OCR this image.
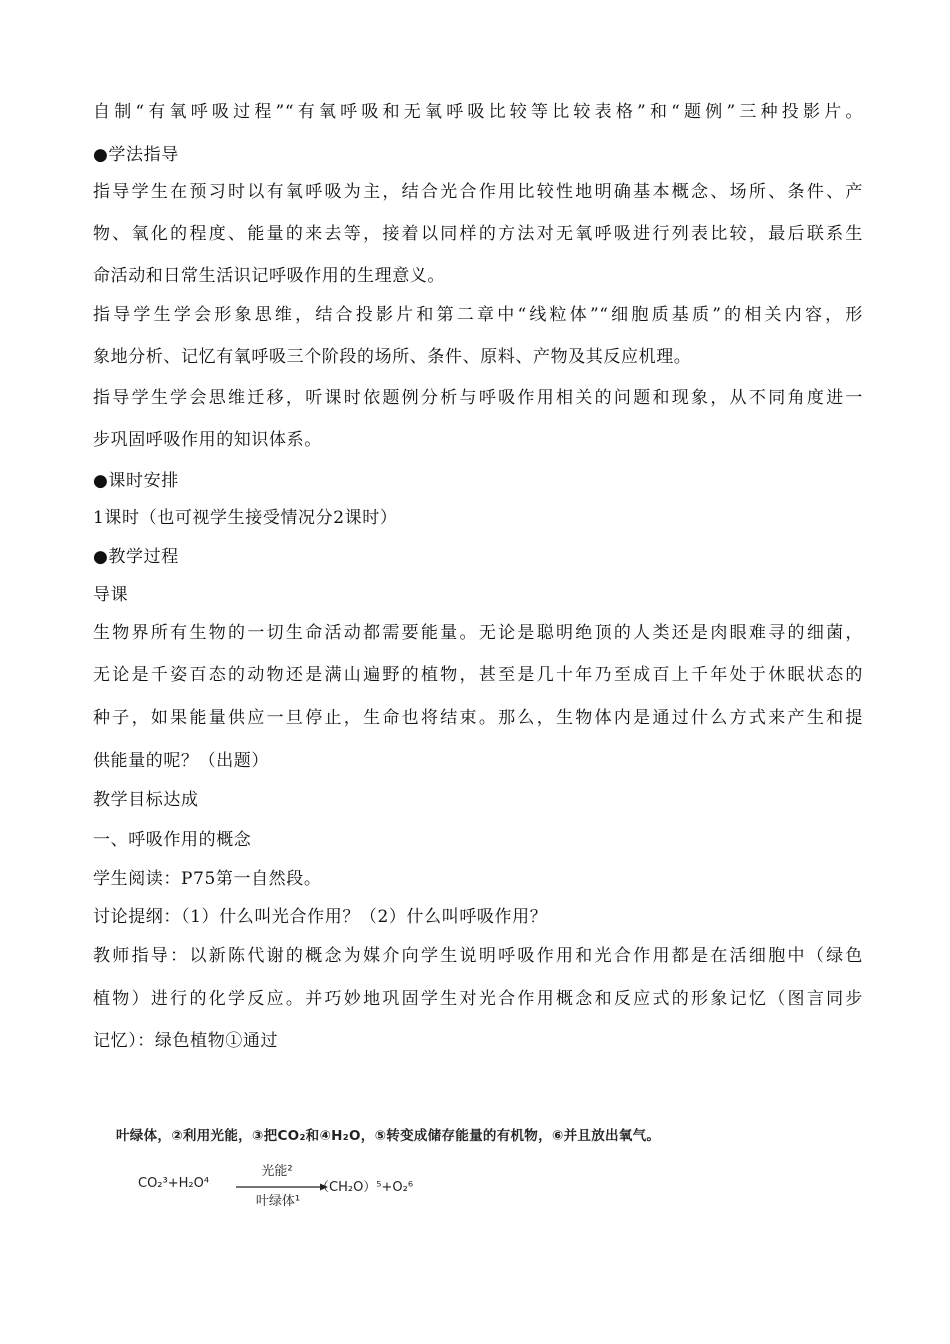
自制“有氧呼吸过程”“有氧呼吸和无氧呼吸比较等比较表格”和“题例”三种投影片。
●学法指导
指导学生在预习时以有氧呼吸为主，结合光合作用比较性地明确基本概念、场所、条件、产
物、氧化的程度、能量的来去等，接着以同样的方法对无氧呼吸进行列表比较，最后联系生
命活动和日常生活识记呼吸作用的生理意义。
指导学生学会形象思维，结合投影片和第二章中“线粒体”“细胞质基质”的相关内容，形
象地分析、记忆有氧呼吸三个阶段的场所、条件、原料、产物及其反应机理。
指导学生学会思维迁移，听课时依题例分析与呼吸作用相关的问题和现象，从不同角度进一
步巩固呼吸作用的知识体系。
●课时安排
1课时（也可视学生接受情况分2课时）
●教学过程
导课
生物界所有生物的一切生命活动都需要能量。无论是聪明绝顶的人类还是肉眼难寻的细菌，
无论是千姿百态的动物还是满山遍野的植物，甚至是几十年乃至成百上千年处于休眠状态的
种子，如果能量供应一旦停止，生命也将结束。那么，生物体内是通过什么方式来产生和提
供能量的呢？（出题）
教学目标达成
一、呼吸作用的概念
学生阅读：P75第一自然段。
讨论提纲：（1）什么叫光合作用？（2）什么叫呼吸作用？
教师指导：以新陈代谢的概念为媒介向学生说明呼吸作用和光合作用都是在活细胞中（绿色
植物）进行的化学反应。并巧妙地巩固学生对光合作用概念和反应式的形象记忆（图言同步
记忆）：绿色植物①通过
叶绿体，②利用光能，③把CO₂和④H₂O，⑤转变成储存能量的有机物，⑥并且放出氧气。
CO₂³+H₂O⁴
光能²
叶绿体¹
（CH₂O）⁵+O₂⁶
